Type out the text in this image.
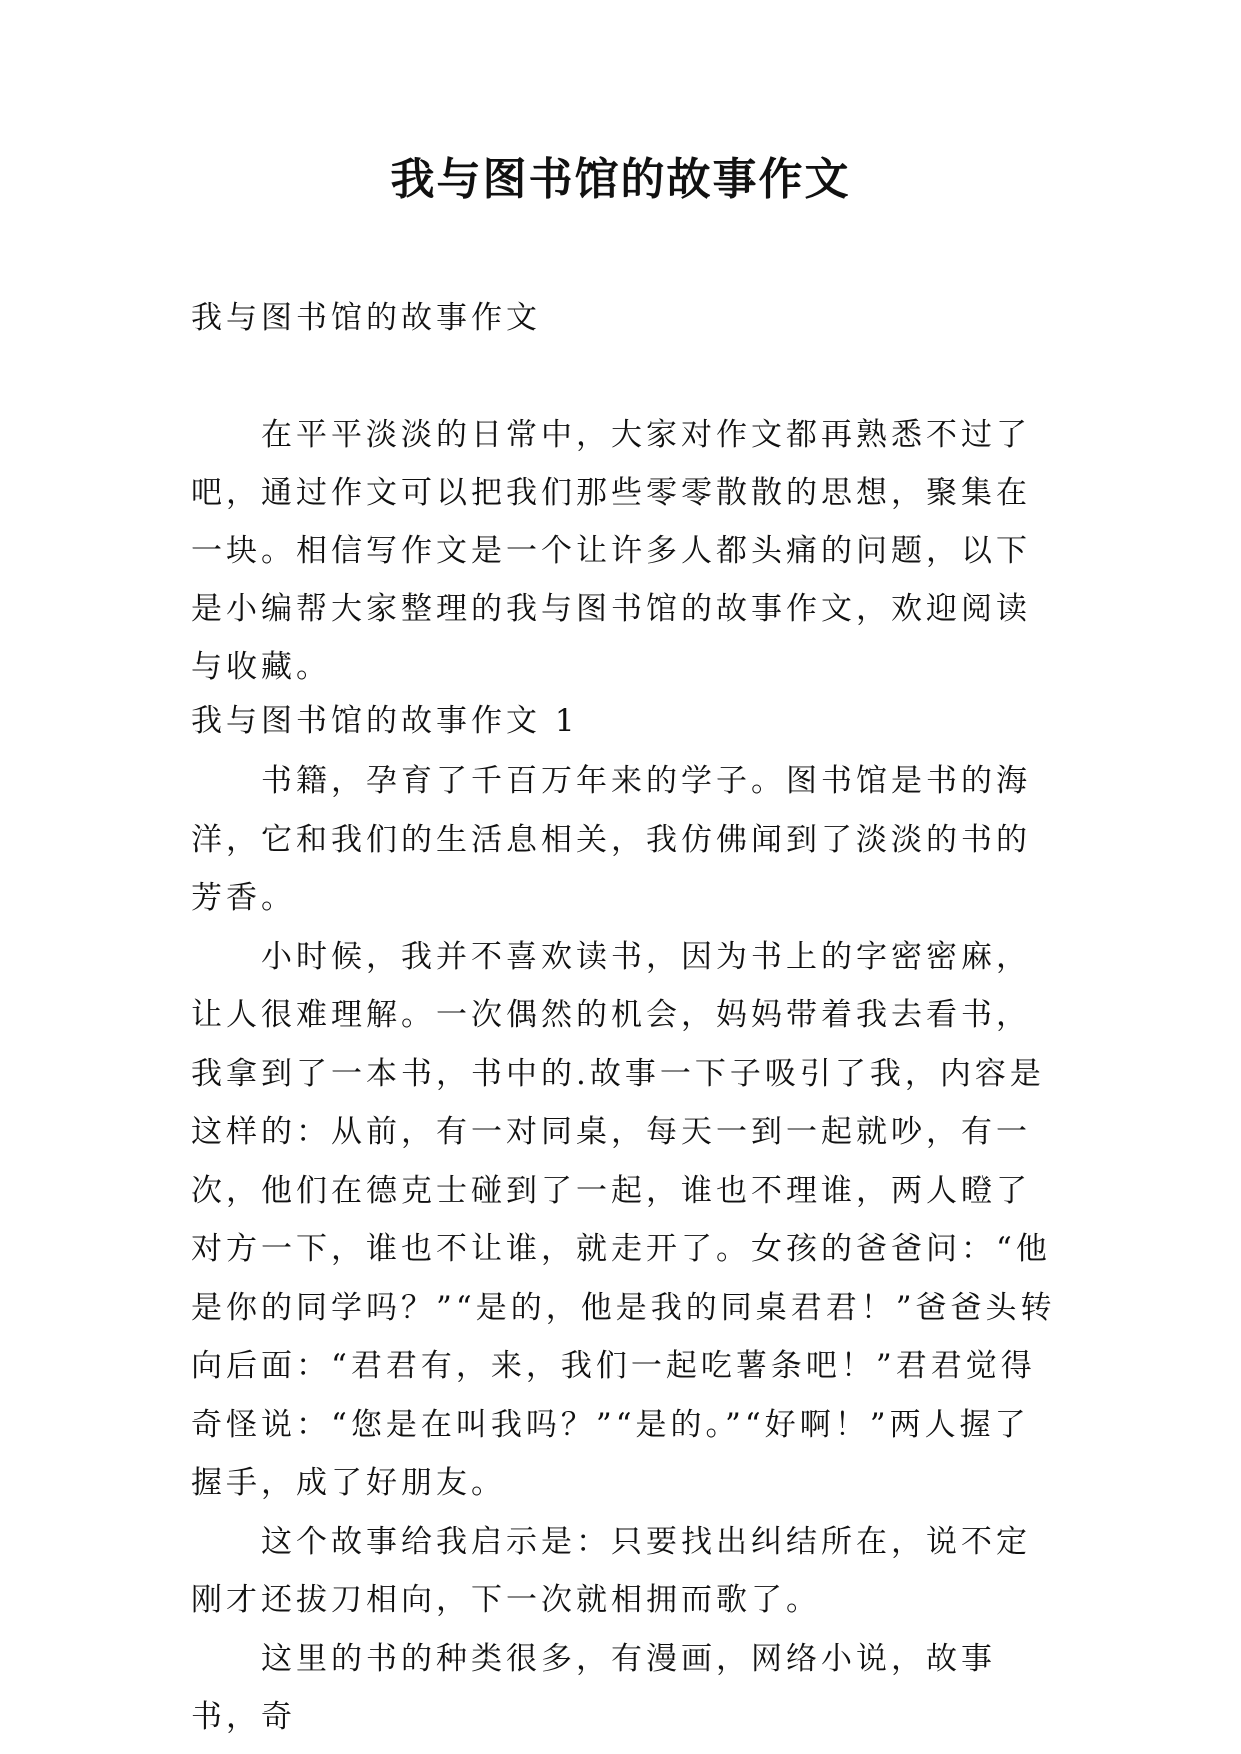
我与图书馆的故事作文

我与图书馆的故事作文

在平平淡淡的日常中，大家对作文都再熟悉不过了吧，通过作文可以把我们那些零零散散的思想，聚集在一块。相信写作文是一个让许多人都头痛的问题，以下是小编帮大家整理的我与图书馆的故事作文，欢迎阅读与收藏。

我与图书馆的故事作文 1

书籍，孕育了千百万年来的学子。图书馆是书的海洋，它和我们的生活息相关，我仿佛闻到了淡淡的书的芳香。

小时候，我并不喜欢读书，因为书上的字密密麻，让人很难理解。一次偶然的机会，妈妈带着我去看书，我拿到了一本书，书中的.故事一下子吸引了我，内容是这样的：从前，有一对同桌，每天一到一起就吵，有一次，他们在德克士碰到了一起，谁也不理谁，两人瞪了对方一下，谁也不让谁，就走开了。女孩的爸爸问：“他是你的同学吗？”“是的，他是我的同桌君君！”爸爸头转向后面：“君君有，来，我们一起吃薯条吧！”君君觉得奇怪说：“您是在叫我吗？”“是的。”“好啊！”两人握了握手，成了好朋友。

这个故事给我启示是：只要找出纠结所在，说不定刚才还拔刀相向，下一次就相拥而歌了。

这里的书的种类很多，有漫画，网络小说，故事书，奇
